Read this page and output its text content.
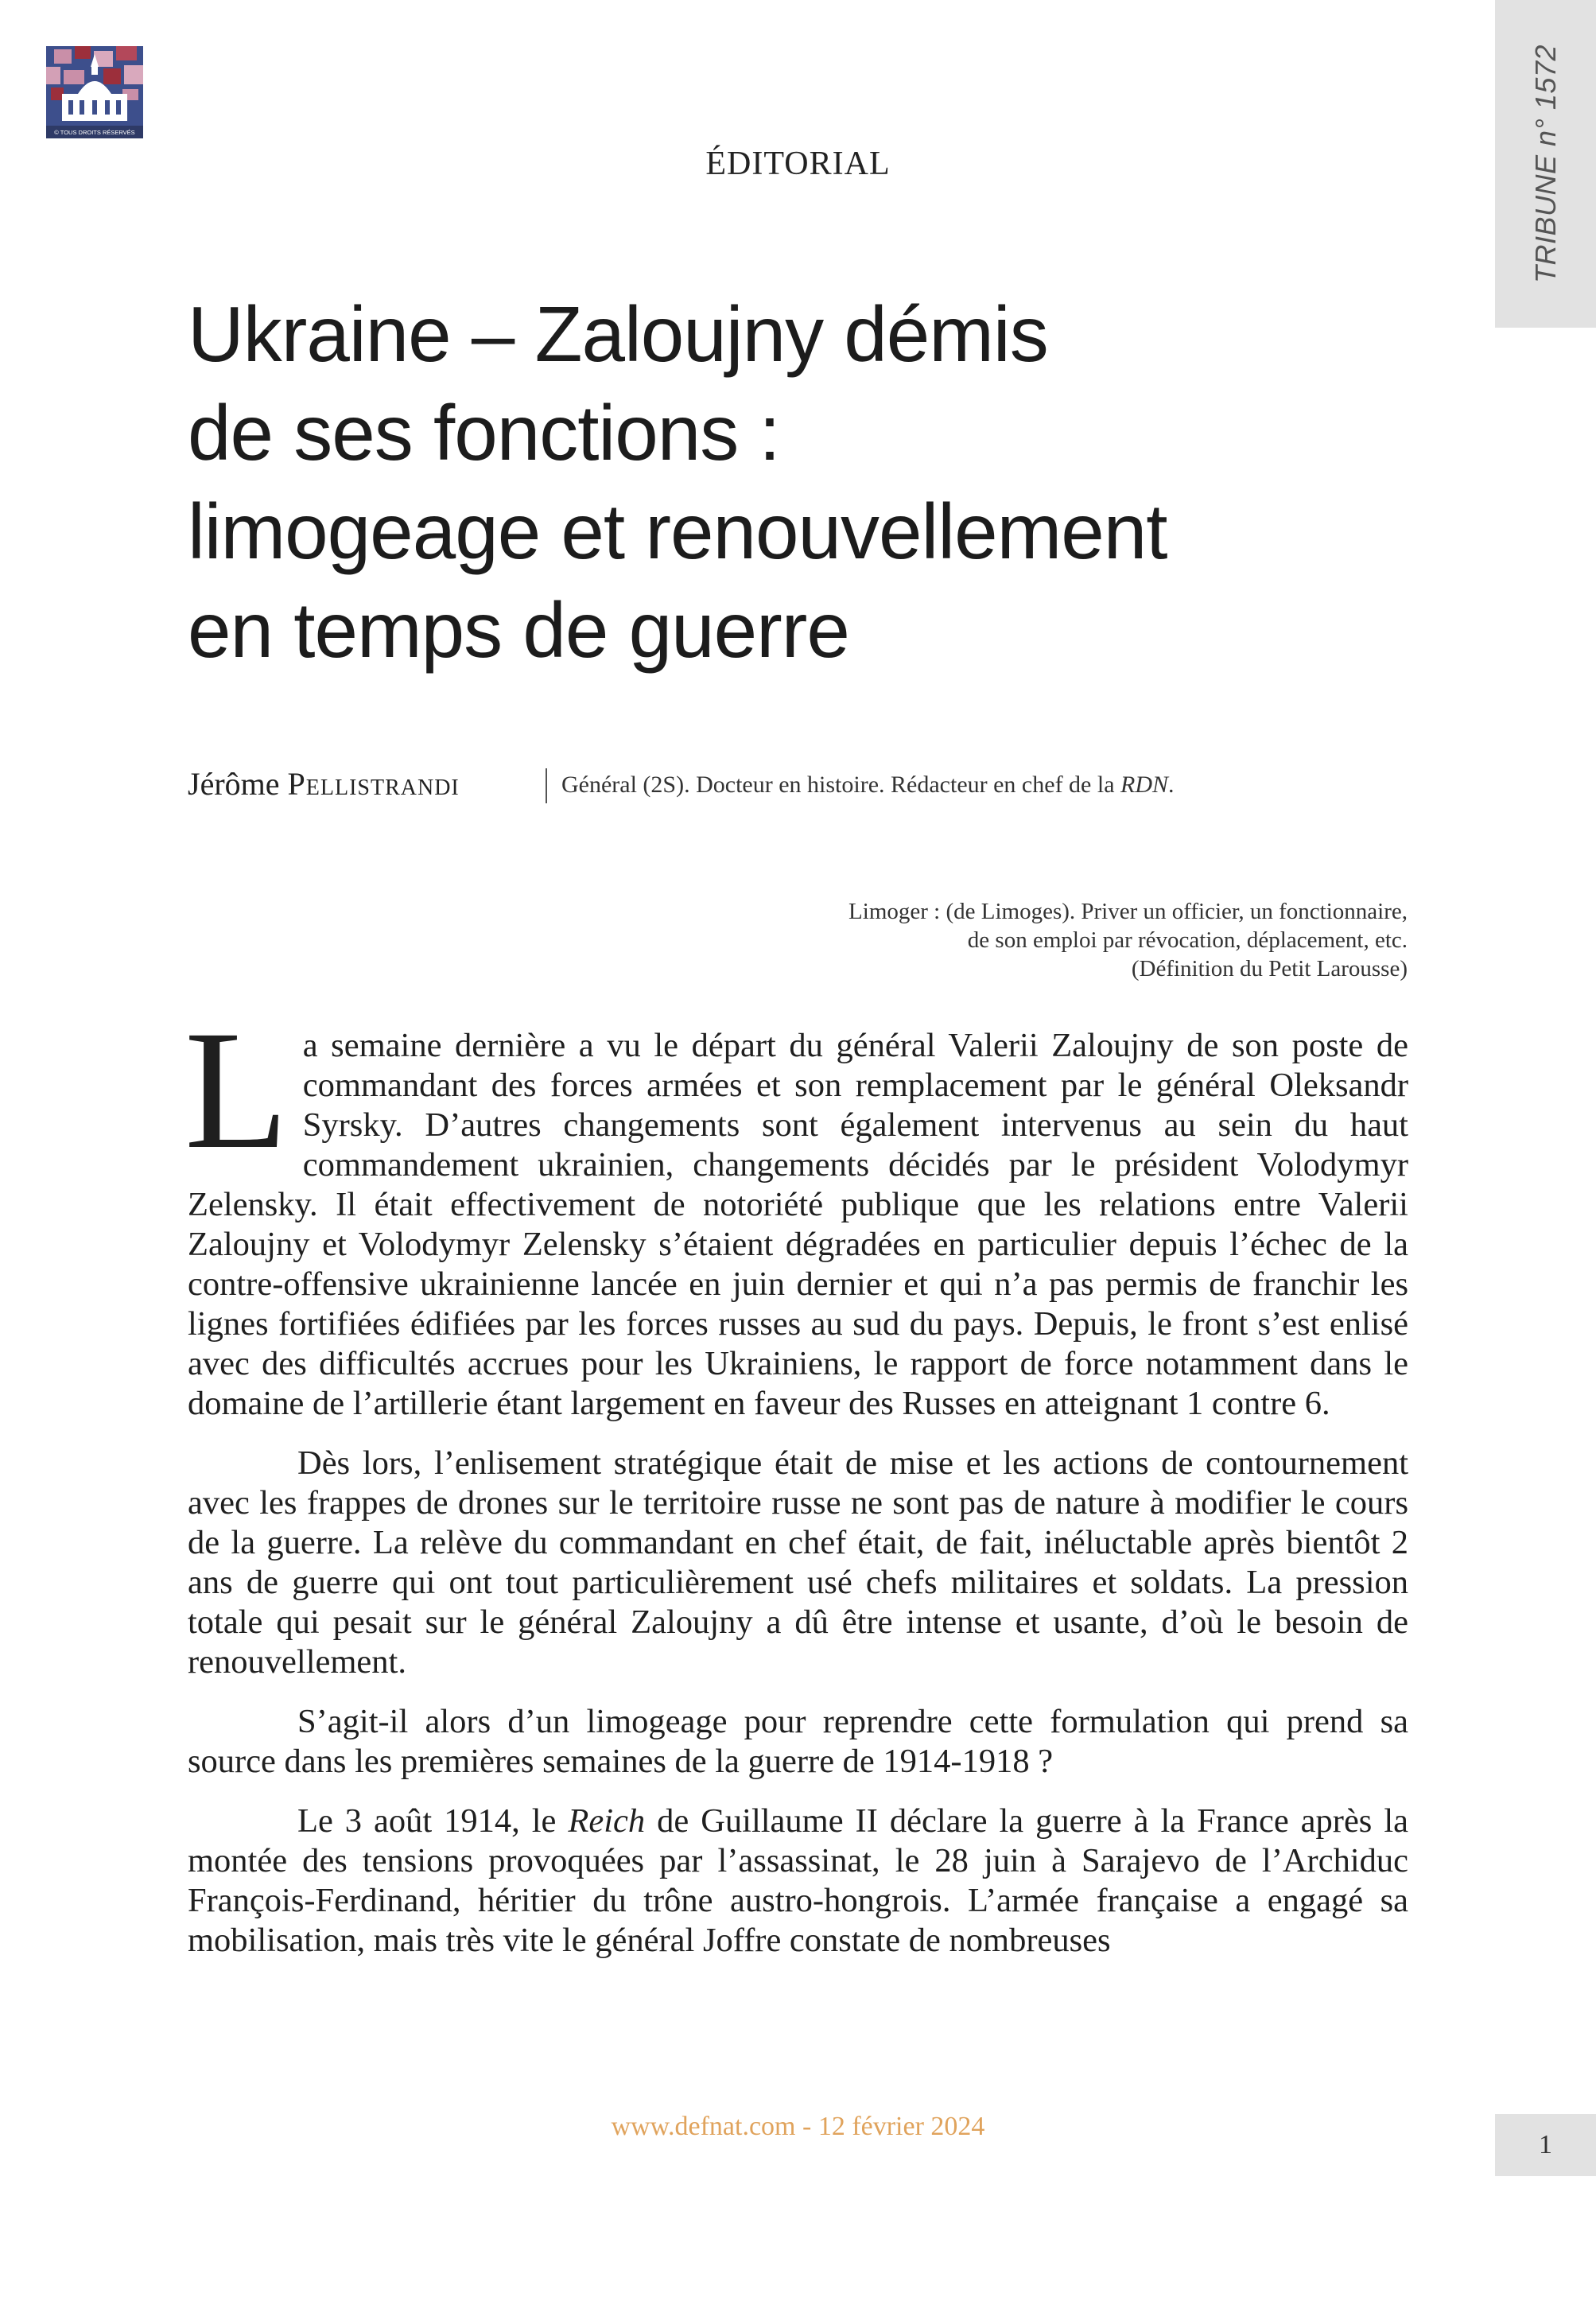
© TOUS DROITS RÉSERVÉS	TRIBUNE n° 1572
ÉDITORIAL
Ukraine – Zaloujny démis
de ses fonctions :
limogeage et renouvellement
en temps de guerre
Jérôme Pellistrandi	Général (2S). Docteur en histoire. Rédacteur en chef de la RDN.
Limoger : (de Limoges). Priver un officier, un fonctionnaire,
de son emploi par révocation, déplacement, etc.
(Définition du Petit Larousse)

La semaine dernière a vu le départ du général Valerii Zaloujny de son poste de commandant des forces armées et son remplacement par le général Oleksandr Syrsky. D’autres changements sont également intervenus au sein du haut commandement ukrainien, changements décidés par le président Volodymyr Zelensky. Il était effectivement de notoriété publique que les relations entre Valerii Zaloujny et Volodymyr Zelensky s’étaient dégradées en particulier depuis l’échec de la contre-offensive ukrainienne lancée en juin dernier et qui n’a pas permis de franchir les lignes fortifiées édifiées par les forces russes au sud du pays. Depuis, le front s’est enlisé avec des difficultés accrues pour les Ukrainiens, le rapport de force notamment dans le domaine de l’artillerie étant largement en faveur des Russes en atteignant 1 contre 6.

Dès lors, l’enlisement stratégique était de mise et les actions de contournement avec les frappes de drones sur le territoire russe ne sont pas de nature à modifier le cours de la guerre. La relève du commandant en chef était, de fait, inéluctable après bientôt 2 ans de guerre qui ont tout particulièrement usé chefs militaires et soldats. La pression totale qui pesait sur le général Zaloujny a dû être intense et usante, d’où le besoin de renouvellement.

S’agit-il alors d’un limogeage pour reprendre cette formulation qui prend sa source dans les premières semaines de la guerre de 1914-1918 ?

Le 3 août 1914, le Reich de Guillaume II déclare la guerre à la France après la montée des tensions provoquées par l’assassinat, le 28 juin à Sarajevo de l’Archiduc François-Ferdinand, héritier du trône austro-hongrois. L’armée française a engagé sa mobilisation, mais très vite le général Joffre constate de nombreuses

www.defnat.com - 12 février 2024
1
